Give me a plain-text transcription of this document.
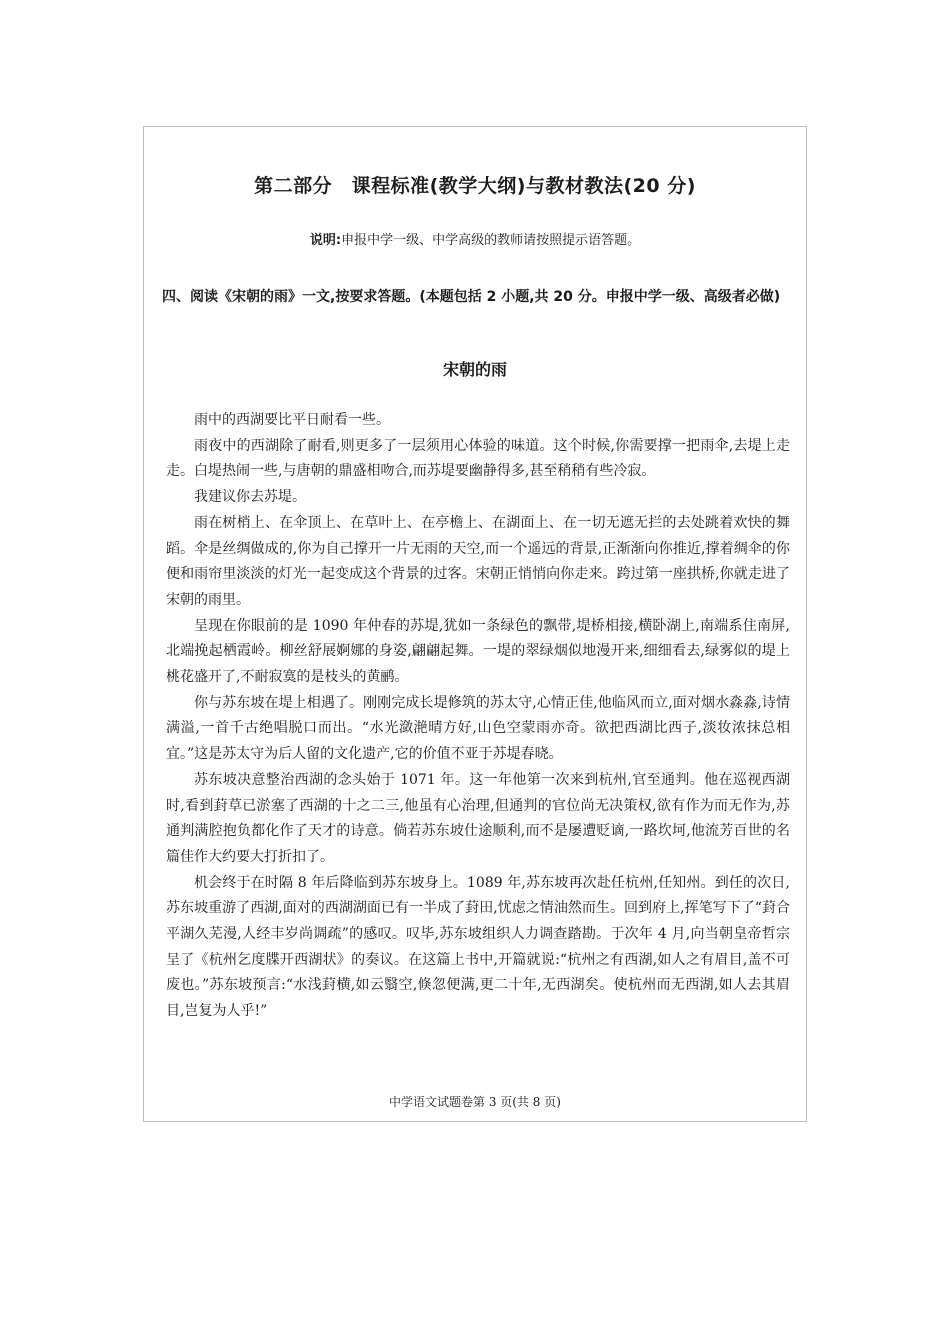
第二部分　课程标准(教学大纲)与教材教法(20 分)

说明:申报中学一级、中学高级的教师请按照提示语答题。

四、阅读《宋朝的雨》一文,按要求答题。(本题包括 2 小题,共 20 分。申报中学一级、高级者必做)

宋朝的雨

雨中的西湖要比平日耐看一些。

雨夜中的西湖除了耐看,则更多了一层须用心体验的味道。这个时候,你需要撑一把雨伞,去堤上走走。白堤热闹一些,与唐朝的鼎盛相吻合,而苏堤要幽静得多,甚至稍稍有些冷寂。

我建议你去苏堤。

雨在树梢上、在伞顶上、在草叶上、在亭檐上、在湖面上、在一切无遮无拦的去处跳着欢快的舞蹈。伞是丝绸做成的,你为自己撑开一片无雨的天空,而一个遥远的背景,正渐渐向你推近,撑着绸伞的你便和雨帘里淡淡的灯光一起变成这个背景的过客。宋朝正悄悄向你走来。跨过第一座拱桥,你就走进了宋朝的雨里。

呈现在你眼前的是 1090 年仲春的苏堤,犹如一条绿色的飘带,堤桥相接,横卧湖上,南端系住南屏,北端挽起栖霞岭。柳丝舒展婀娜的身姿,翩翩起舞。一堤的翠绿烟似地漫开来,细细看去,绿雾似的堤上桃花盛开了,不耐寂寞的是枝头的黄鹂。

你与苏东坡在堤上相遇了。刚刚完成长堤修筑的苏太守,心情正佳,他临风而立,面对烟水淼淼,诗情满溢,一首千古绝唱脱口而出。“水光潋滟晴方好,山色空蒙雨亦奇。欲把西湖比西子,淡妆浓抹总相宜。”这是苏太守为后人留的文化遗产,它的价值不亚于苏堤春晓。

苏东坡决意整治西湖的念头始于 1071 年。这一年他第一次来到杭州,官至通判。他在巡视西湖时,看到葑草已淤塞了西湖的十之二三,他虽有心治理,但通判的官位尚无决策权,欲有作为而无作为,苏通判满腔抱负都化作了天才的诗意。倘若苏东坡仕途顺利,而不是屡遭贬谪,一路坎坷,他流芳百世的名篇佳作大约要大打折扣了。

机会终于在时隔 8 年后降临到苏东坡身上。1089 年,苏东坡再次赴任杭州,任知州。到任的次日,苏东坡重游了西湖,面对的西湖湖面已有一半成了葑田,忧虑之情油然而生。回到府上,挥笔写下了“葑合平湖久芜漫,人经丰岁尚调疏”的感叹。叹毕,苏东坡组织人力调查踏勘。于次年 4 月,向当朝皇帝哲宗呈了《杭州乞度牒开西湖状》的奏议。在这篇上书中,开篇就说:“杭州之有西湖,如人之有眉目,盖不可废也。”苏东坡预言:“水浅葑横,如云翳空,倏忽便满,更二十年,无西湖矣。使杭州而无西湖,如人去其眉目,岂复为人乎!”

中学语文试题卷第 3 页(共 8 页)
